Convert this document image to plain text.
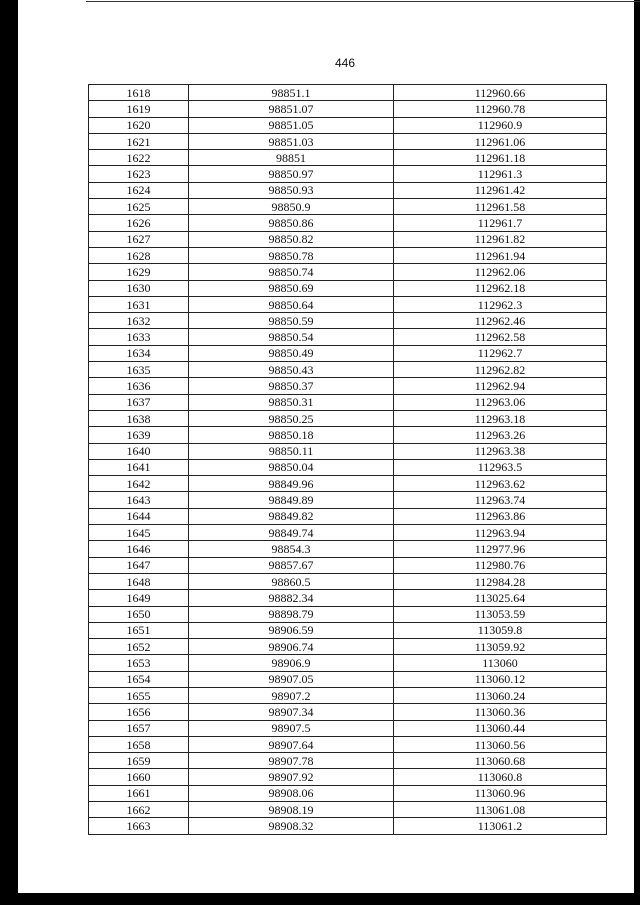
446
1618	98851.1	112960.66
1619	98851.07	112960.78
1620	98851.05	112960.9
1621	98851.03	112961.06
1622	98851	112961.18
1623	98850.97	112961.3
1624	98850.93	112961.42
1625	98850.9	112961.58
1626	98850.86	112961.7
1627	98850.82	112961.82
1628	98850.78	112961.94
1629	98850.74	112962.06
1630	98850.69	112962.18
1631	98850.64	112962.3
1632	98850.59	112962.46
1633	98850.54	112962.58
1634	98850.49	112962.7
1635	98850.43	112962.82
1636	98850.37	112962.94
1637	98850.31	112963.06
1638	98850.25	112963.18
1639	98850.18	112963.26
1640	98850.11	112963.38
1641	98850.04	112963.5
1642	98849.96	112963.62
1643	98849.89	112963.74
1644	98849.82	112963.86
1645	98849.74	112963.94
1646	98854.3	112977.96
1647	98857.67	112980.76
1648	98860.5	112984.28
1649	98882.34	113025.64
1650	98898.79	113053.59
1651	98906.59	113059.8
1652	98906.74	113059.92
1653	98906.9	113060
1654	98907.05	113060.12
1655	98907.2	113060.24
1656	98907.34	113060.36
1657	98907.5	113060.44
1658	98907.64	113060.56
1659	98907.78	113060.68
1660	98907.92	113060.8
1661	98908.06	113060.96
1662	98908.19	113061.08
1663	98908.32	113061.2
